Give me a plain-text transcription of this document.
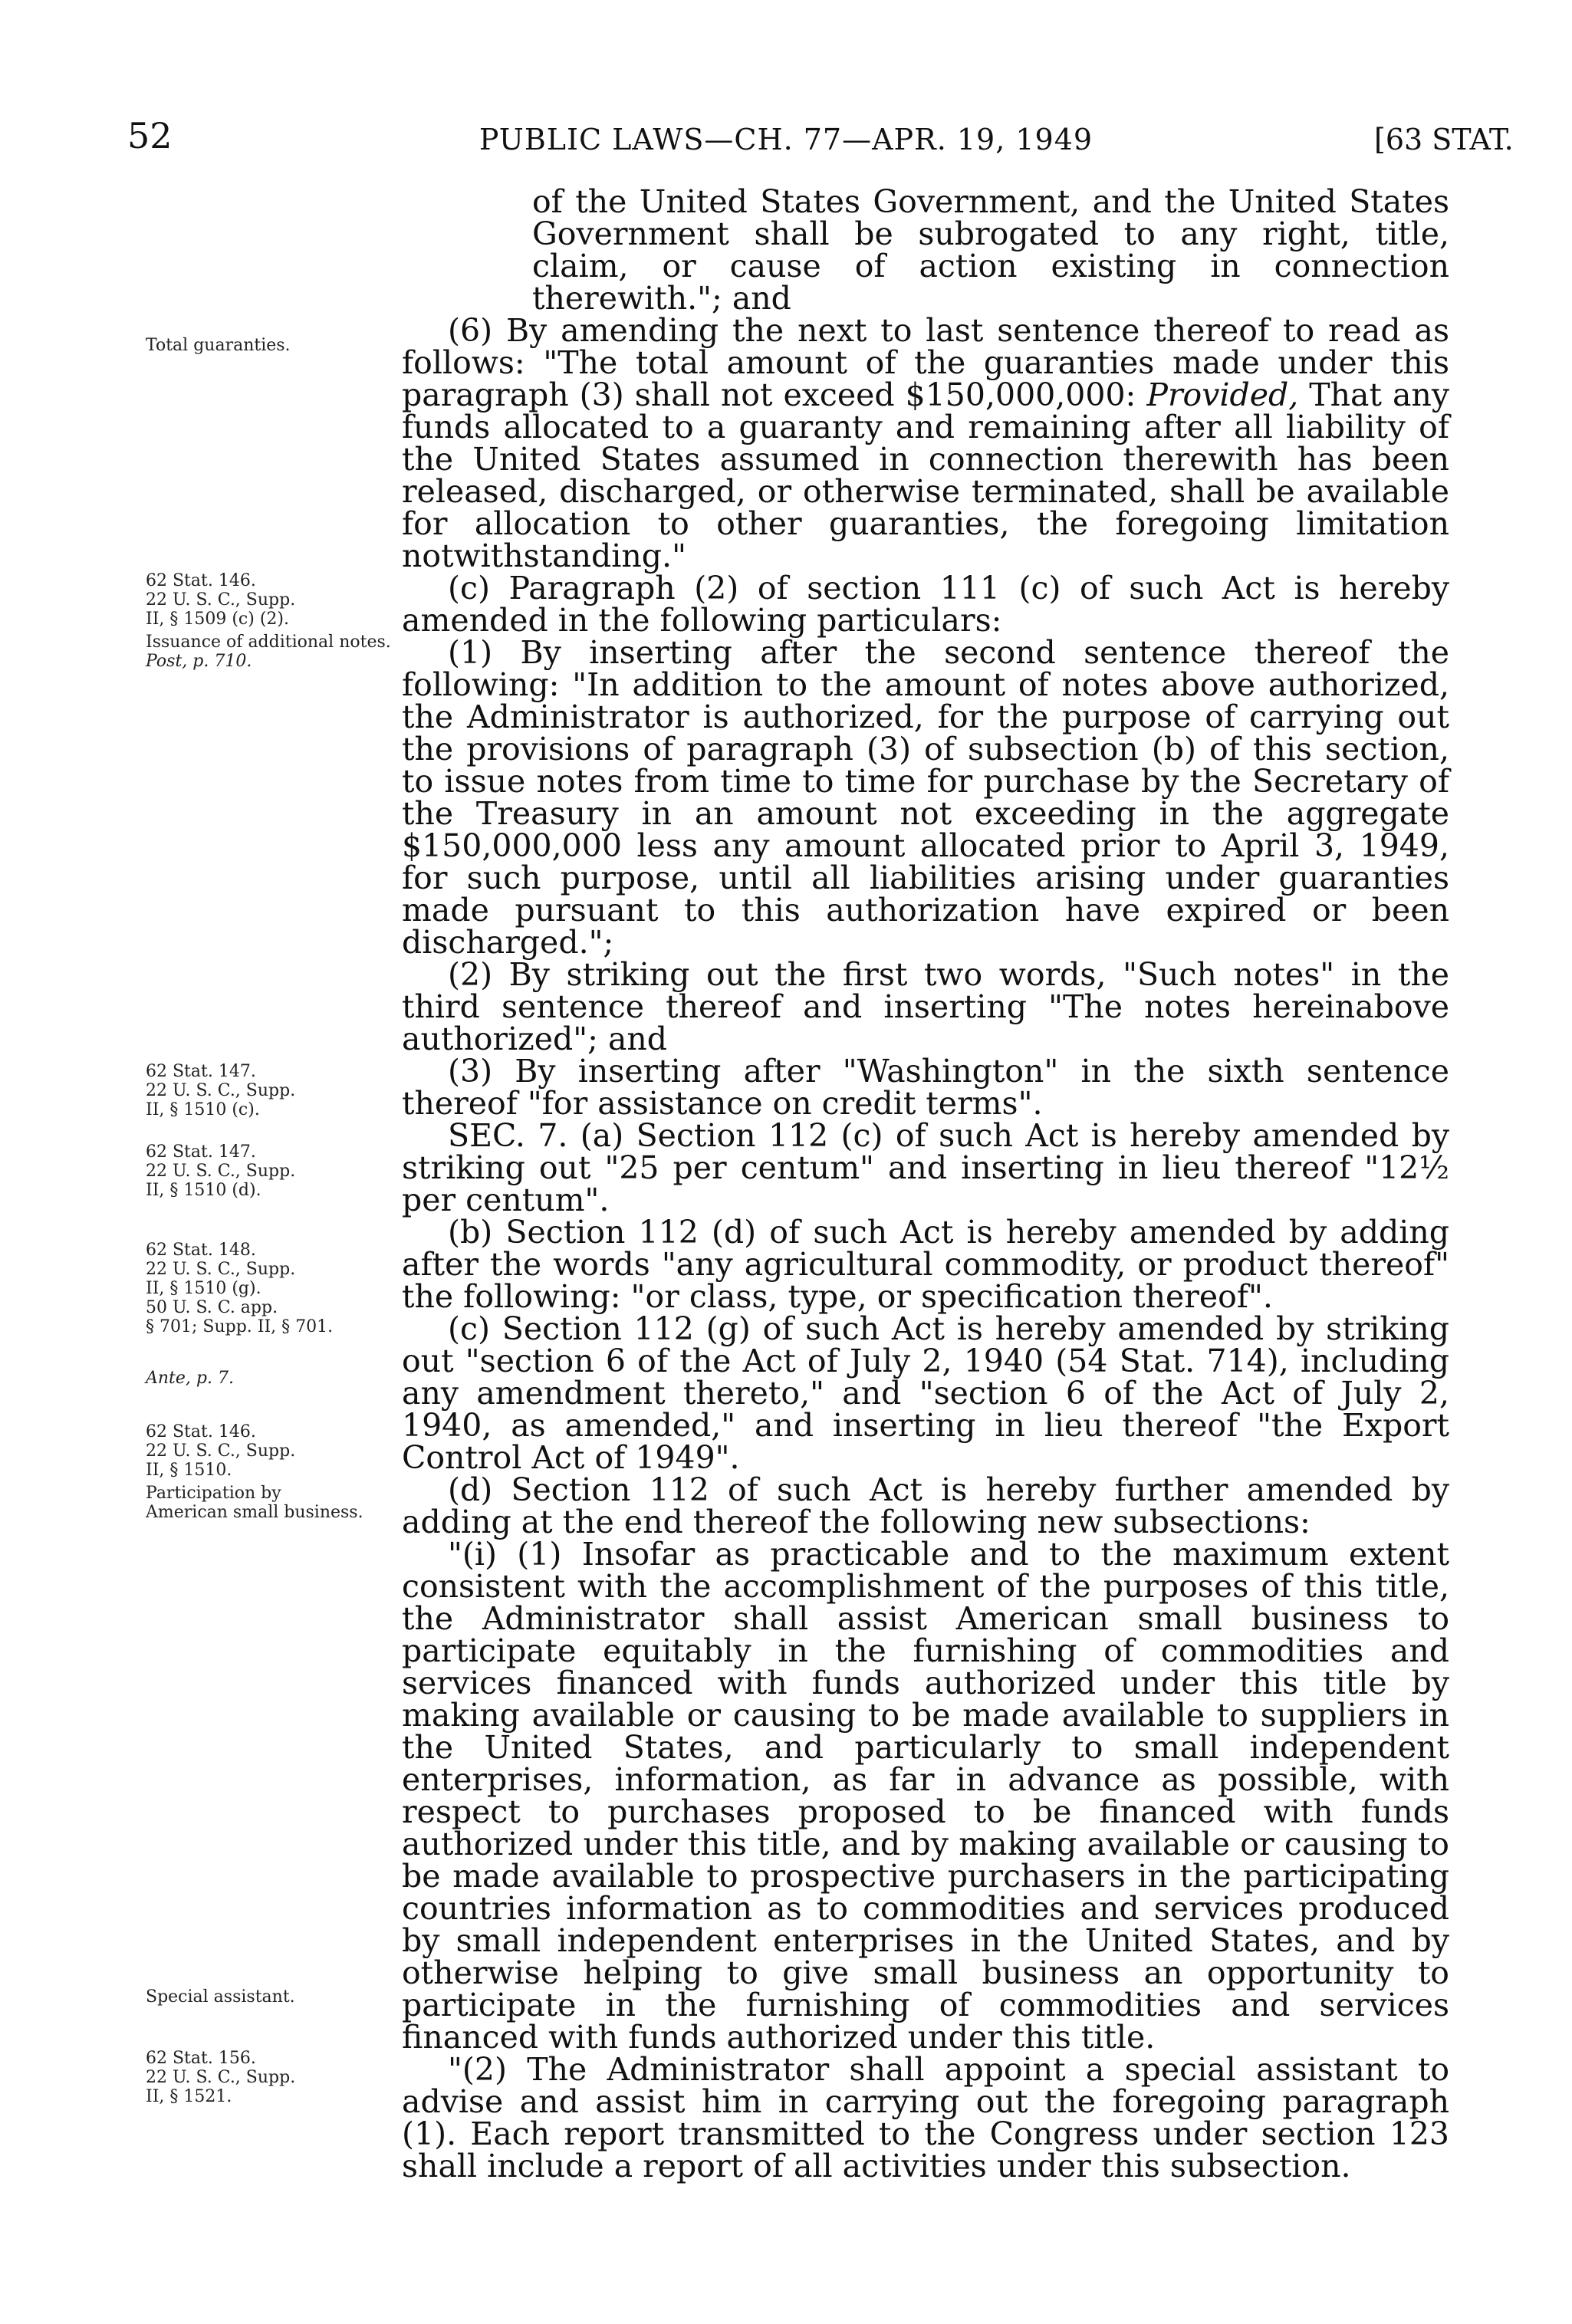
52	PUBLIC LAWS—CH. 77—APR. 19, 1949	[63 STAT.
Total guaranties.
62 Stat. 146.
22 U. S. C., Supp.
II, § 1509 (c) (2).
Issuance of additional notes.
Post, p. 710.
62 Stat. 147.
22 U. S. C., Supp.
II, § 1510 (c).
62 Stat. 147.
22 U. S. C., Supp.
II, § 1510 (d).
62 Stat. 148.
22 U. S. C., Supp.
II, § 1510 (g).
50 U. S. C. app.
§ 701; Supp. II, § 701.
Ante, p. 7.
62 Stat. 146.
22 U. S. C., Supp.
II, § 1510.
Participation by American small business.
Special assistant.
62 Stat. 156.
22 U. S. C., Supp.
II, § 1521.

of the United States Government, and the United States Government shall be subrogated to any right, title, claim, or cause of action existing in connection therewith."; and

(6) By amending the next to last sentence thereof to read as follows: "The total amount of the guaranties made under this paragraph (3) shall not exceed $150,000,000: Provided, That any funds allocated to a guaranty and remaining after all liability of the United States assumed in connection therewith has been released, discharged, or otherwise terminated, shall be available for allocation to other guaranties, the foregoing limitation notwithstanding."

(c) Paragraph (2) of section 111 (c) of such Act is hereby amended in the following particulars:

(1) By inserting after the second sentence thereof the following: "In addition to the amount of notes above authorized, the Administrator is authorized, for the purpose of carrying out the provisions of paragraph (3) of subsection (b) of this section, to issue notes from time to time for purchase by the Secretary of the Treasury in an amount not exceeding in the aggregate $150,000,000 less any amount allocated prior to April 3, 1949, for such purpose, until all liabilities arising under guaranties made pursuant to this authorization have expired or been discharged.";

(2) By striking out the first two words, "Such notes" in the third sentence thereof and inserting "The notes hereinabove authorized"; and

(3) By inserting after "Washington" in the sixth sentence thereof "for assistance on credit terms".

SEC. 7. (a) Section 112 (c) of such Act is hereby amended by striking out "25 per centum" and inserting in lieu thereof "12½ per centum".

(b) Section 112 (d) of such Act is hereby amended by adding after the words "any agricultural commodity, or product thereof" the following: "or class, type, or specification thereof".

(c) Section 112 (g) of such Act is hereby amended by striking out "section 6 of the Act of July 2, 1940 (54 Stat. 714), including any amendment thereto," and "section 6 of the Act of July 2, 1940, as amended," and inserting in lieu thereof "the Export Control Act of 1949".

(d) Section 112 of such Act is hereby further amended by adding at the end thereof the following new subsections:

"(i) (1) Insofar as practicable and to the maximum extent consistent with the accomplishment of the purposes of this title, the Administrator shall assist American small business to participate equitably in the furnishing of commodities and services financed with funds authorized under this title by making available or causing to be made available to suppliers in the United States, and particularly to small independent enterprises, information, as far in advance as possible, with respect to purchases proposed to be financed with funds authorized under this title, and by making available or causing to be made available to prospective purchasers in the participating countries information as to commodities and services produced by small independent enterprises in the United States, and by otherwise helping to give small business an opportunity to participate in the furnishing of commodities and services financed with funds authorized under this title.

"(2) The Administrator shall appoint a special assistant to advise and assist him in carrying out the foregoing paragraph (1). Each report transmitted to the Congress under section 123 shall include a report of all activities under this subsection.
